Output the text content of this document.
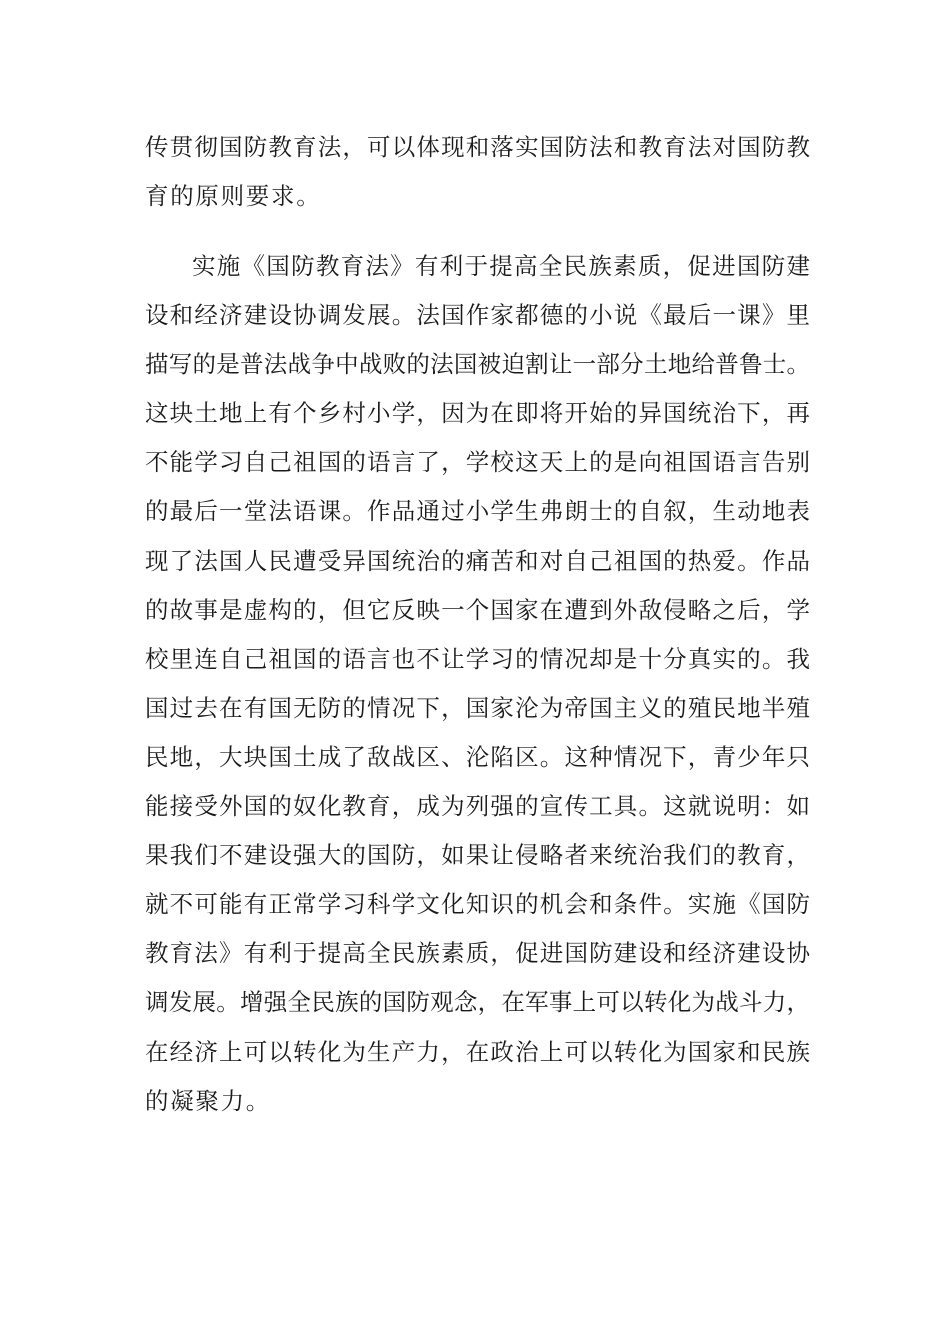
传贯彻国防教育法，可以体现和落实国防法和教育法对国防教
育的原则要求。
实施《国防教育法》有利于提高全民族素质，促进国防建
设和经济建设协调发展。法国作家都德的小说《最后一课》里
描写的是普法战争中战败的法国被迫割让一部分土地给普鲁士。
这块土地上有个乡村小学，因为在即将开始的异国统治下，再
不能学习自己祖国的语言了，学校这天上的是向祖国语言告别
的最后一堂法语课。作品通过小学生弗朗士的自叙，生动地表
现了法国人民遭受异国统治的痛苦和对自己祖国的热爱。作品
的故事是虚构的，但它反映一个国家在遭到外敌侵略之后，学
校里连自己祖国的语言也不让学习的情况却是十分真实的。我
国过去在有国无防的情况下，国家沦为帝国主义的殖民地半殖
民地，大块国土成了敌战区、沦陷区。这种情况下，青少年只
能接受外国的奴化教育，成为列强的宣传工具。这就说明：如
果我们不建设强大的国防，如果让侵略者来统治我们的教育，
就不可能有正常学习科学文化知识的机会和条件。实施《国防
教育法》有利于提高全民族素质，促进国防建设和经济建设协
调发展。增强全民族的国防观念，在军事上可以转化为战斗力，
在经济上可以转化为生产力，在政治上可以转化为国家和民族
的凝聚力。
